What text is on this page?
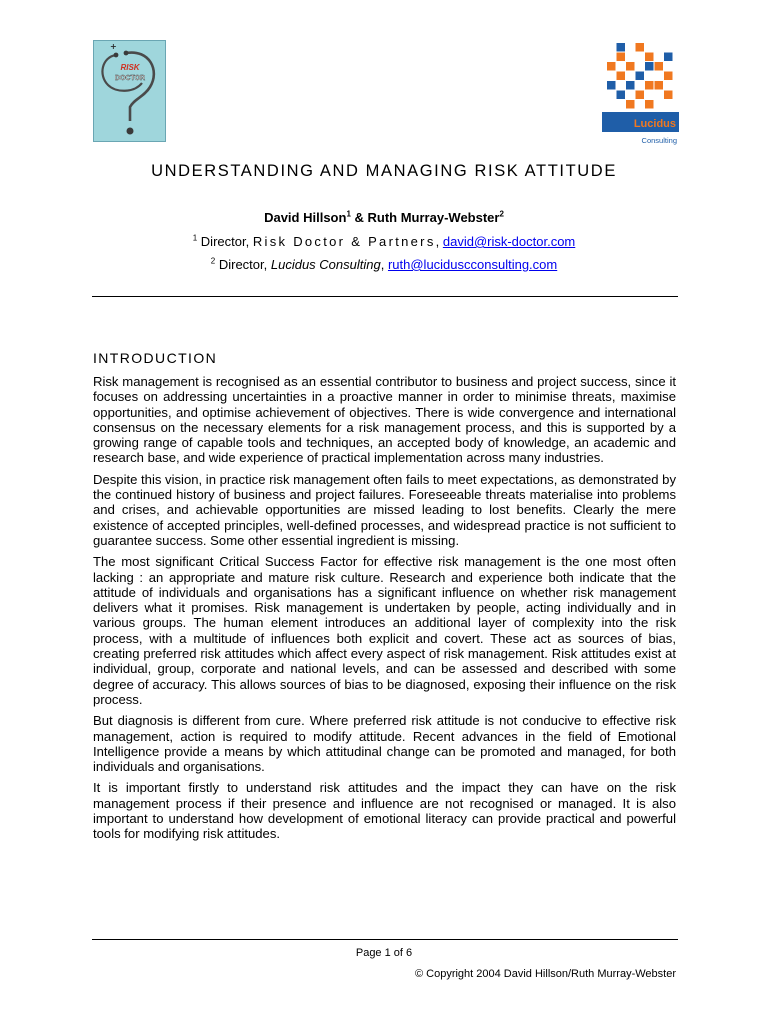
+
RISK
DOCTOR
Lucidus
Consulting
UNDERSTANDING AND MANAGING RISK ATTITUDE
David Hillson$^1$ & Ruth Murray-Webster$^2$
$^1$ Director, Risk Doctor & Partners, david@risk-doctor.com
$^2$ Director, Lucidus Consulting, ruth@luciduscconsulting.com
INTRODUCTION

Risk management is recognised as an essential contributor to business and project success, since it focuses on addressing uncertainties in a proactive manner in order to minimise threats, maximise opportunities, and optimise achievement of objectives. There is wide convergence and international consensus on the necessary elements for a risk management process, and this is supported by a growing range of capable tools and techniques, an accepted body of knowledge, an academic and research base, and wide experience of practical implementation across many industries.

Despite this vision, in practice risk management often fails to meet expectations, as demonstrated by the continued history of business and project failures. Foreseeable threats materialise into problems and crises, and achievable opportunities are missed leading to lost benefits. Clearly the mere existence of accepted principles, well-defined processes, and widespread practice is not sufficient to guarantee success. Some other essential ingredient is missing.

The most significant Critical Success Factor for effective risk management is the one most often lacking : an appropriate and mature risk culture. Research and experience both indicate that the attitude of individuals and organisations has a significant influence on whether risk management delivers what it promises. Risk management is undertaken by people, acting individually and in various groups. The human element introduces an additional layer of complexity into the risk process, with a multitude of influences both explicit and covert. These act as sources of bias, creating preferred risk attitudes which affect every aspect of risk management. Risk attitudes exist at individual, group, corporate and national levels, and can be assessed and described with some degree of accuracy. This allows sources of bias to be diagnosed, exposing their influence on the risk process.

But diagnosis is different from cure. Where preferred risk attitude is not conducive to effective risk management, action is required to modify attitude. Recent advances in the field of Emotional Intelligence provide a means by which attitudinal change can be promoted and managed, for both individuals and organisations.

It is important firstly to understand risk attitudes and the impact they can have on the risk management process if their presence and influence are not recognised or managed. It is also important to understand how development of emotional literacy can provide practical and powerful tools for modifying risk attitudes.

Page 1 of 6
© Copyright 2004 David Hillson/Ruth Murray-Webster
